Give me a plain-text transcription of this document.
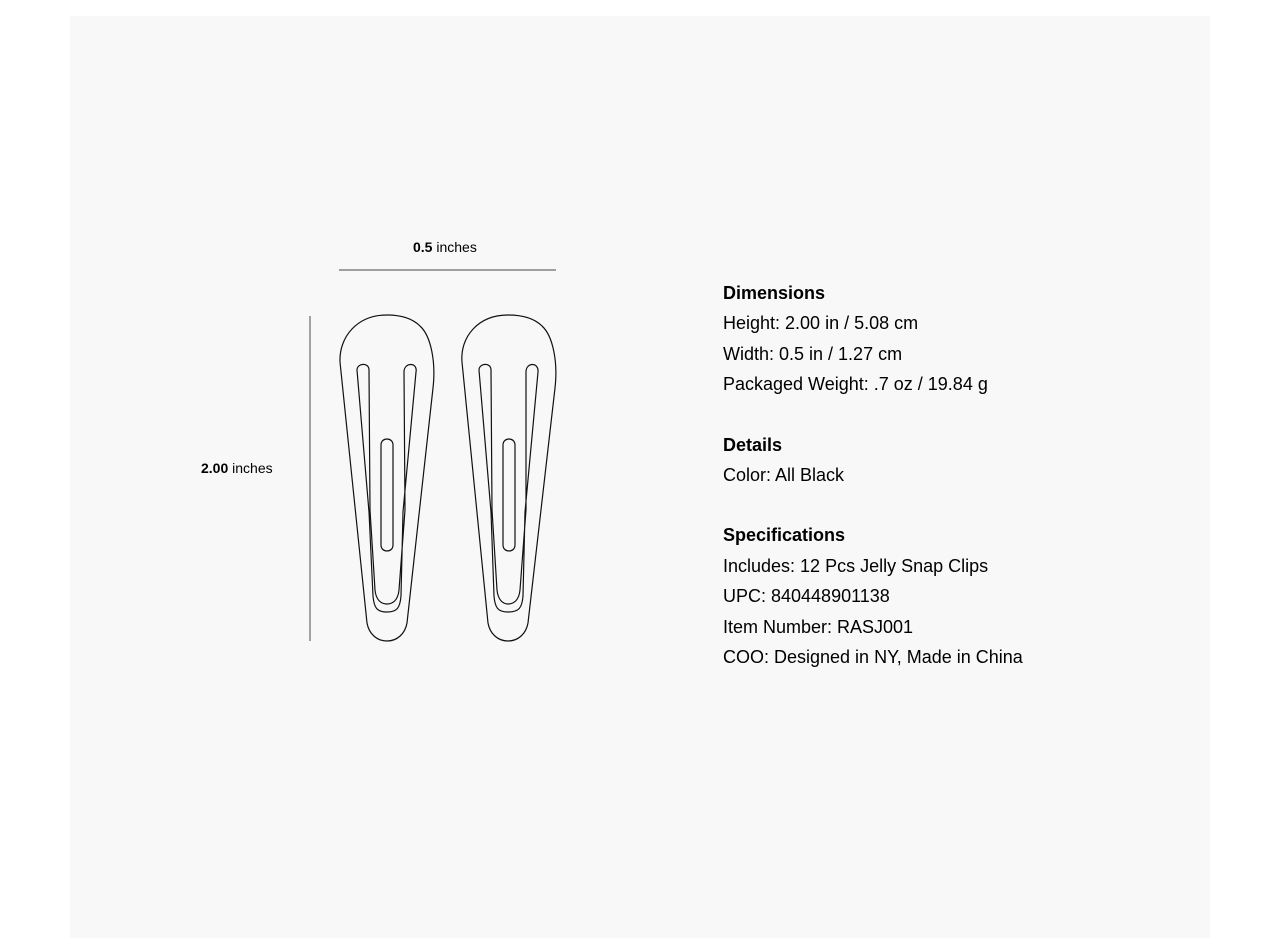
0.5 inches
2.00 inches
Dimensions
Height: 2.00 in / 5.08 cm
Width: 0.5 in / 1.27 cm
Packaged Weight: .7 oz / 19.84 g
Details
Color: All Black
Specifications
Includes: 12 Pcs Jelly Snap Clips
UPC: 840448901138
Item Number: RASJ001
COO: Designed in NY, Made in China
